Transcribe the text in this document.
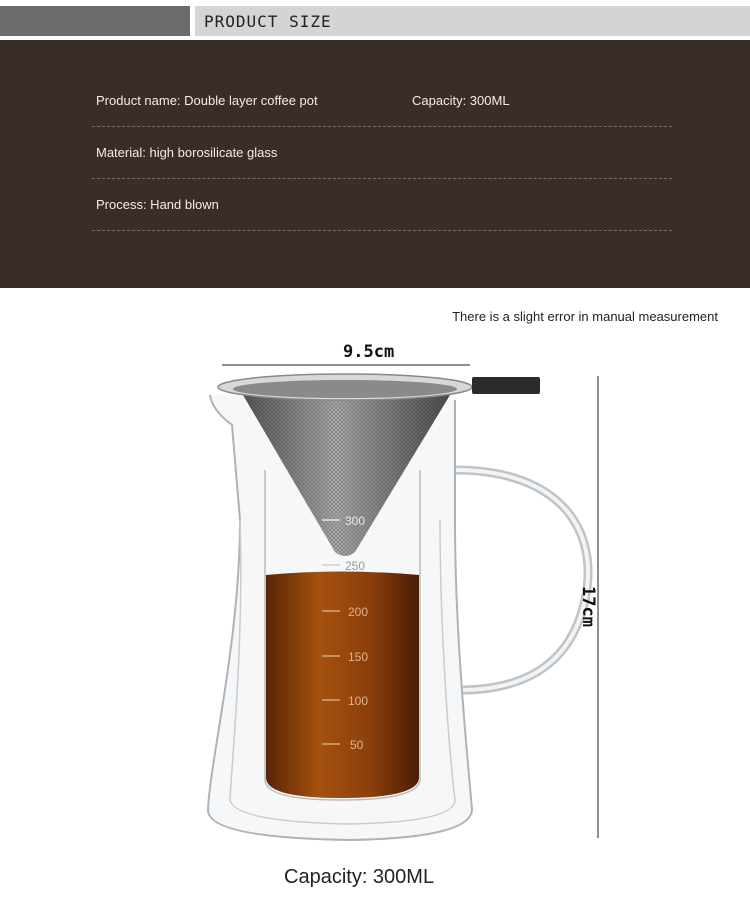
PRODUCT SIZE
Product name: Double layer coffee pot	Capacity: 300ML
Material: high borosilicate glass
Process: Hand blown
There is a slight error in manual measurement
300
250
200
150
100
50
9.5cm
17cm
Capacity: 300ML
